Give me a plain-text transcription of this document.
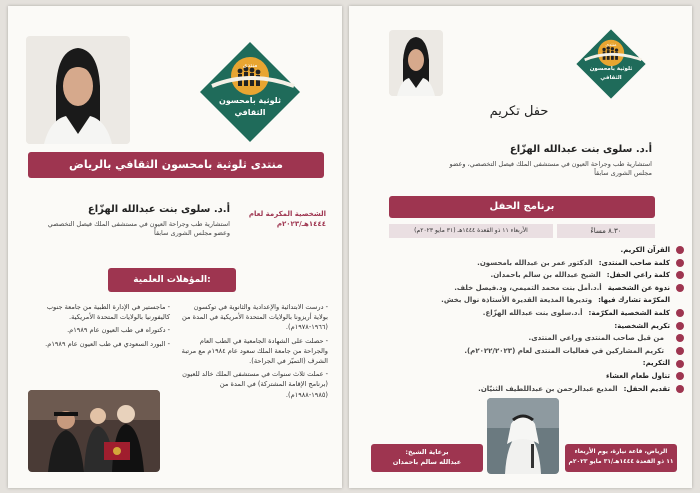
منتدى
ثلوثية بامحسون
الثقافي
منتدى ثلوثية بامحسون الثقافي بالرياض
الشخصية المكرمة لعام
١٤٤٤هـ/٢٠٢٣م
أ.د. سلوى بنت عبدالله الهزّاع
استشارية طب وجراحة العيون في مستشفى الملك فيصل التخصصي وعضو مجلس الشورى سابقاً
المؤهلات العلمية:

- درست الابتدائية والإعدادية والثانوية في توكسون بولاية أريزونا بالولايات المتحدة الأمريكية في المدة من (١٩٦٦-١٩٧٨م).

- حصلت على الشهادة الجامعية في الطب العام والجراحة من جامعة الملك سعود عام ١٩٨٤م مع مرتبة الشرف (التميّز في الجراحة).

- عملت ثلاث سنوات في مستشفى الملك خالد للعيون (برنامج الإقامة المشتركة) في المدة من (١٩٨٥-١٩٨٨م).

- ماجستير في الإدارة الطبية من جامعة جنوب كاليفورنيا بالولايات المتحدة الأمريكية.

- دكتوراه في طب العيون عام ١٩٨٩م.

- البورد السعودي في طب العيون عام ١٩٨٩م.

منتدى
ثلوثية بامحسون
الثقافي
حفل تكريم
أ.د. سلوى بنت عبدالله الهزّاع
استشارية طب وجراحة العيون في مستشفى الملك فيصل التخصصي، وعضو مجلس الشورى سابقاً
برنامج الحفل
٨.٣٠ مساءً
الأربعاء ١١ ذو القعدة ١٤٤٤هـ (٣١ مايو ٢٠٢٣م)
القرآن الكريم.
كلمة صاحب المنتدى:
الدكتور عمر بن عبدالله بامحسون.
كلمة راعي الحفل:
الشيخ عبدالله بن سالم باحمدان.
ندوة عن الشخصية
أ.د.أمل بنت محمد التميمي، ود.فيصل خلف.
المكرّمة تشارك فيها:
وتديرها المذيعة القديرة الأستاذة نوال بخش.
كلمة الشخصية المكرّمة:
أ.د.سلوى بنت عبدالله الهزّاع.
تكريم الشخصية:
من قبل صاحب المنتدى وراعي المنتدى.
تكريم المشاركين في فعاليات المنتدى لعام (٢٠٢٢/٢٠٢٣م).
التكريم:
تناول طعام العشاء
تقديم الحفل:
المذيع عبدالرحمن بن عبداللطيف الثنيّان.
برعاية الشيخ:
عبدالله سالم باحمدان
الرياض، قاعة نيارة، يوم الأربعاء
١١ ذو القعدة ١٤٤٤هـ/٣١ مايو ٢٠٢٣م
